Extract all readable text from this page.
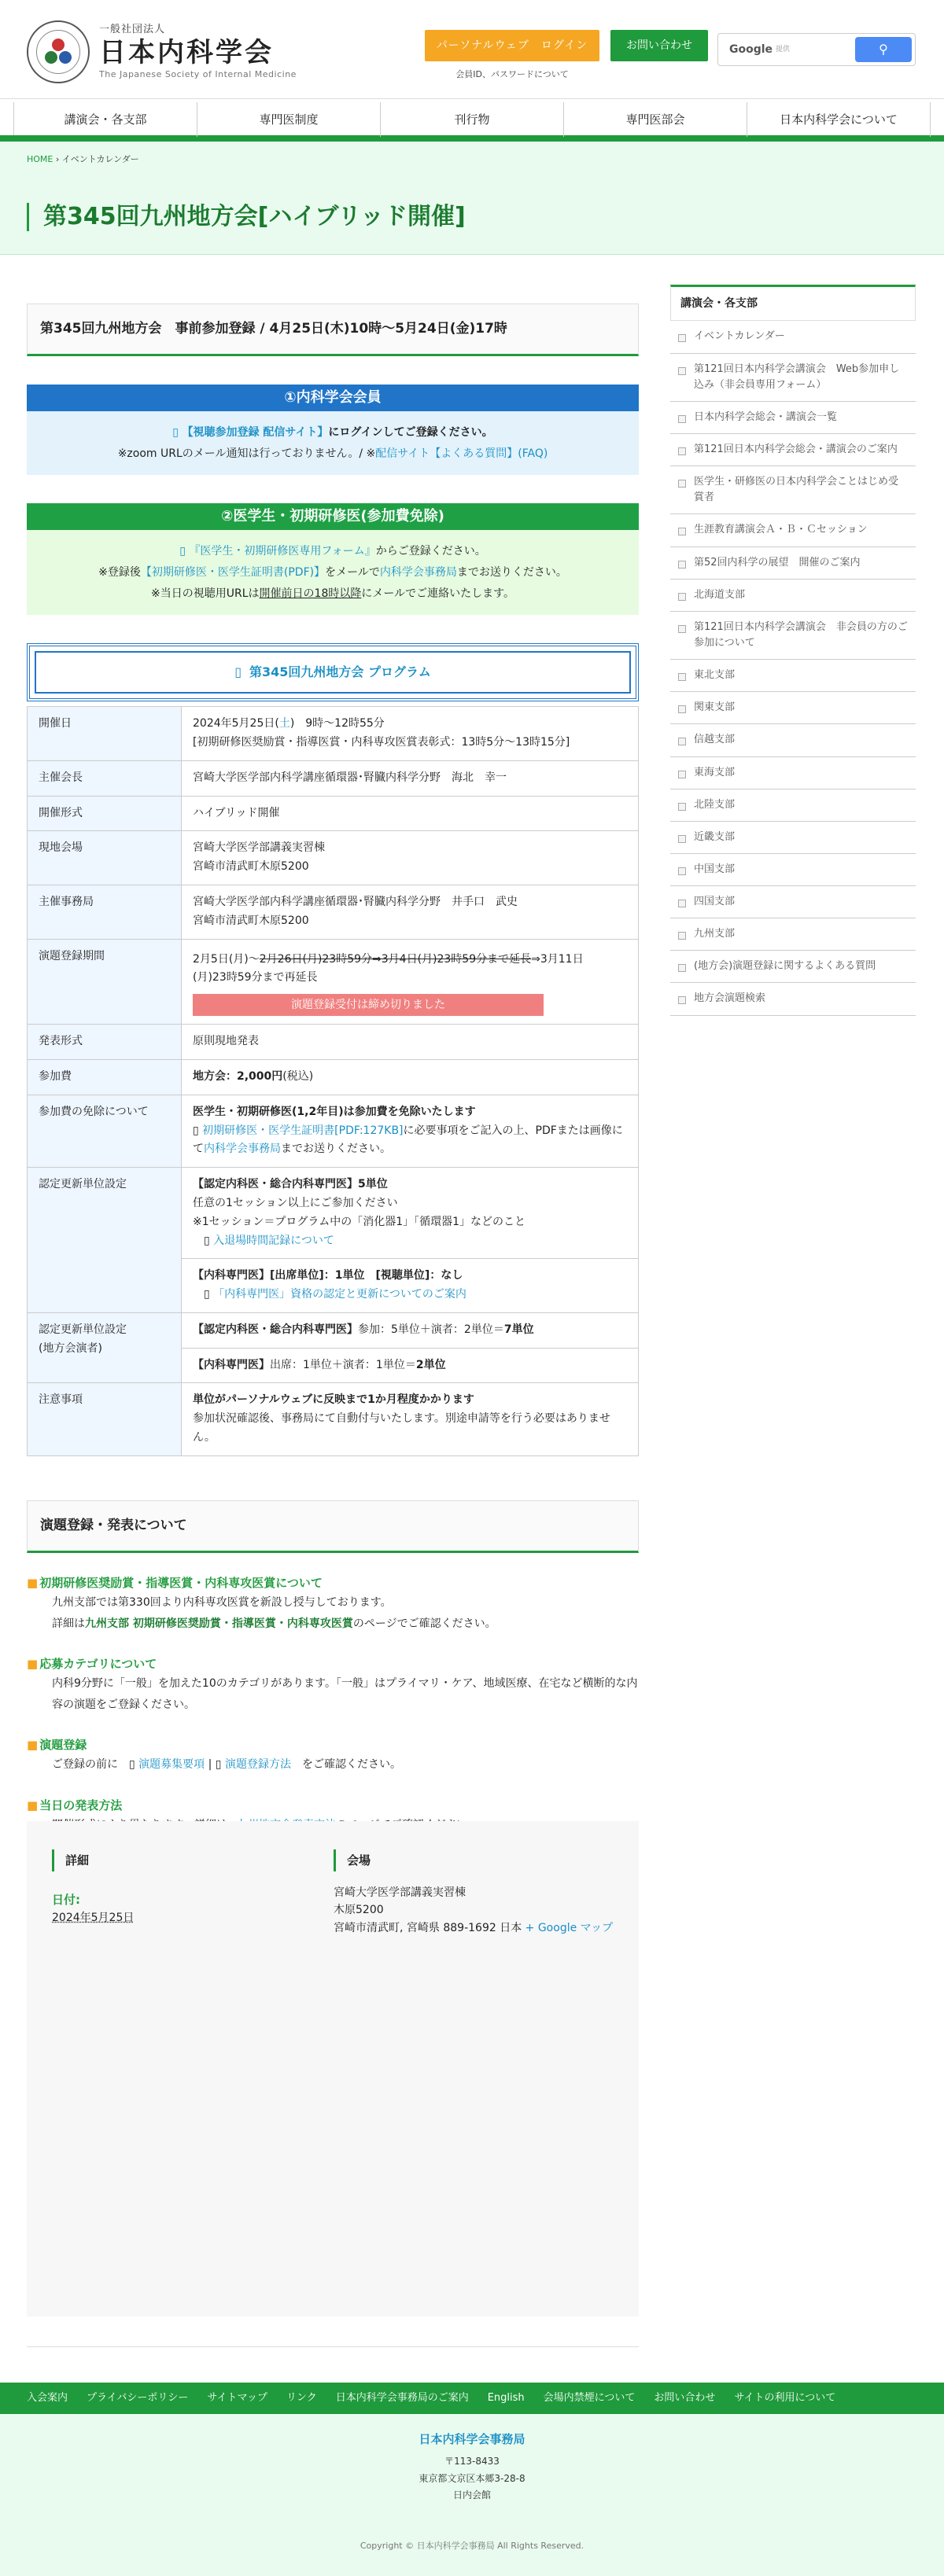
一般社団法人
日本内科学会
The Japanese Society of Internal Medicine
パーソナルウェブ　ログイン	お問い合わせ
会員ID、パスワードについて
Google 提供	⚲
講演会・各支部	専門医制度	刊行物	専門医部会	日本内科学会について
HOME › イベントカレンダー
第345回九州地方会[ハイブリッド開催]
第345回九州地方会　事前参加登録 / 4月25日(木)10時〜5月24日(金)17時
①内科学会会員
▯ 【視聴参加登録 配信サイト】にログインしてご登録ください。
※zoom URLのメール通知は行っておりません。/ ※配信サイト【よくある質問】(FAQ)
②医学生・初期研修医(参加費免除)
▯ 『医学生・初期研修医専用フォーム』からご登録ください。
※登録後【初期研修医・医学生証明書(PDF)】をメールで内科学会事務局までお送りください。
※当日の視聴用URLは開催前日の18時以降にメールでご連絡いたします。
▯ 第345回九州地方会 プログラム
開催日	2024年5月25日(土)　9時〜12時55分
[初期研修医奨励賞・指導医賞・内科専攻医賞表彰式：13時5分〜13時15分]
主催会長	宮崎大学医学部内科学講座循環器･腎臓内科学分野　海北　幸一
開催形式	ハイブリッド開催
現地会場	宮崎大学医学部講義実習棟
宮崎市清武町木原5200

主催事務局	宮崎大学医学部内科学講座循環器･腎臓内科学分野　井手口　武史
宮崎市清武町木原5200

演題登録期間	2月5日(月)〜2月26日(月)23時59分⇒3月4日(月)23時59分まで延長⇒3月11日
(月)23時59分まで再延長
演題登録受付は締め切りました
発表形式	原則現地発表
参加費	地方会：2,000円(税込)
参加費の免除について	医学生・初期研修医(1,2年目)は参加費を免除いたします
▯ 初期研修医・医学生証明書[PDF:127KB]に必要事項をご記入の上、PDFまたは画像にて内科学会事務局までお送りください。
認定更新単位設定	【認定内科医・総合内科専門医】5単位
任意の1セッション以上にご参加ください
※1セッション＝プログラム中の「消化器1」「循環器1」などのこと
　▯ 入退場時間記録について
	【内科専門医】[出席単位]：1単位　[視聴単位]：なし
　▯ 「内科専門医」資格の認定と更新についてのご案内
認定更新単位設定
(地方会演者)	【認定内科医・総合内科専門医】参加：5単位＋演者：2単位＝7単位
	【内科専門医】出席：1単位＋演者：1単位＝2単位
注意事項	単位がパーソナルウェブに反映まで1か月程度かかります
参加状況確認後、事務局にて自動付与いたします。別途申請等を行う必要はありません。
演題登録・発表について
■ 初期研修医奨励賞・指導医賞・内科専攻医賞について

九州支部では第330回より内科専攻医賞を新設し授与しております。
詳細は九州支部 初期研修医奨励賞・指導医賞・内科専攻医賞のページでご確認ください。

■ 応募カテゴリについて

内科9分野に「一般」を加えた10のカテゴリがあります。「一般」はプライマリ・ケア、地域医療、在宅など横断的な内容の演題をご登録ください。

■ 演題登録

ご登録の前に　 ▯ 演題募集要項 | ▯ 演題登録方法　 をご確認ください。

■ 当日の発表方法

詳細
日付:
2024年5月25日
会場
宮崎大学医学部講義実習棟
木原5200
宮崎市清武町, 宮崎県 889-1692 日本 + Google マップ
講演会・各支部
イベントカレンダー
第121回日本内科学会講演会　Web参加申し込み（非会員専用フォーム）
日本内科学会総会・講演会一覧
第121回日本内科学会総会・講演会のご案内
医学生・研修医の日本内科学会ことはじめ受賞者
生涯教育講演会Ａ・Ｂ・Ｃセッション
第52回内科学の展望　開催のご案内
北海道支部
第121回日本内科学会講演会　非会員の方のご参加について
東北支部
関東支部
信越支部
東海支部
北陸支部
近畿支部
中国支部
四国支部
九州支部
(地方会)演題登録に関するよくある質問
地方会演題検索
入会案内 プライバシーポリシー サイトマップ リンク 日本内科学会事務局のご案内 English 会場内禁煙について お問い合わせ サイトの利用について
日本内科学会事務局
〒113-8433
東京都文京区本郷3-28-8
日内会館
Copyright © 日本内科学会事務局 All Rights Reserved.
